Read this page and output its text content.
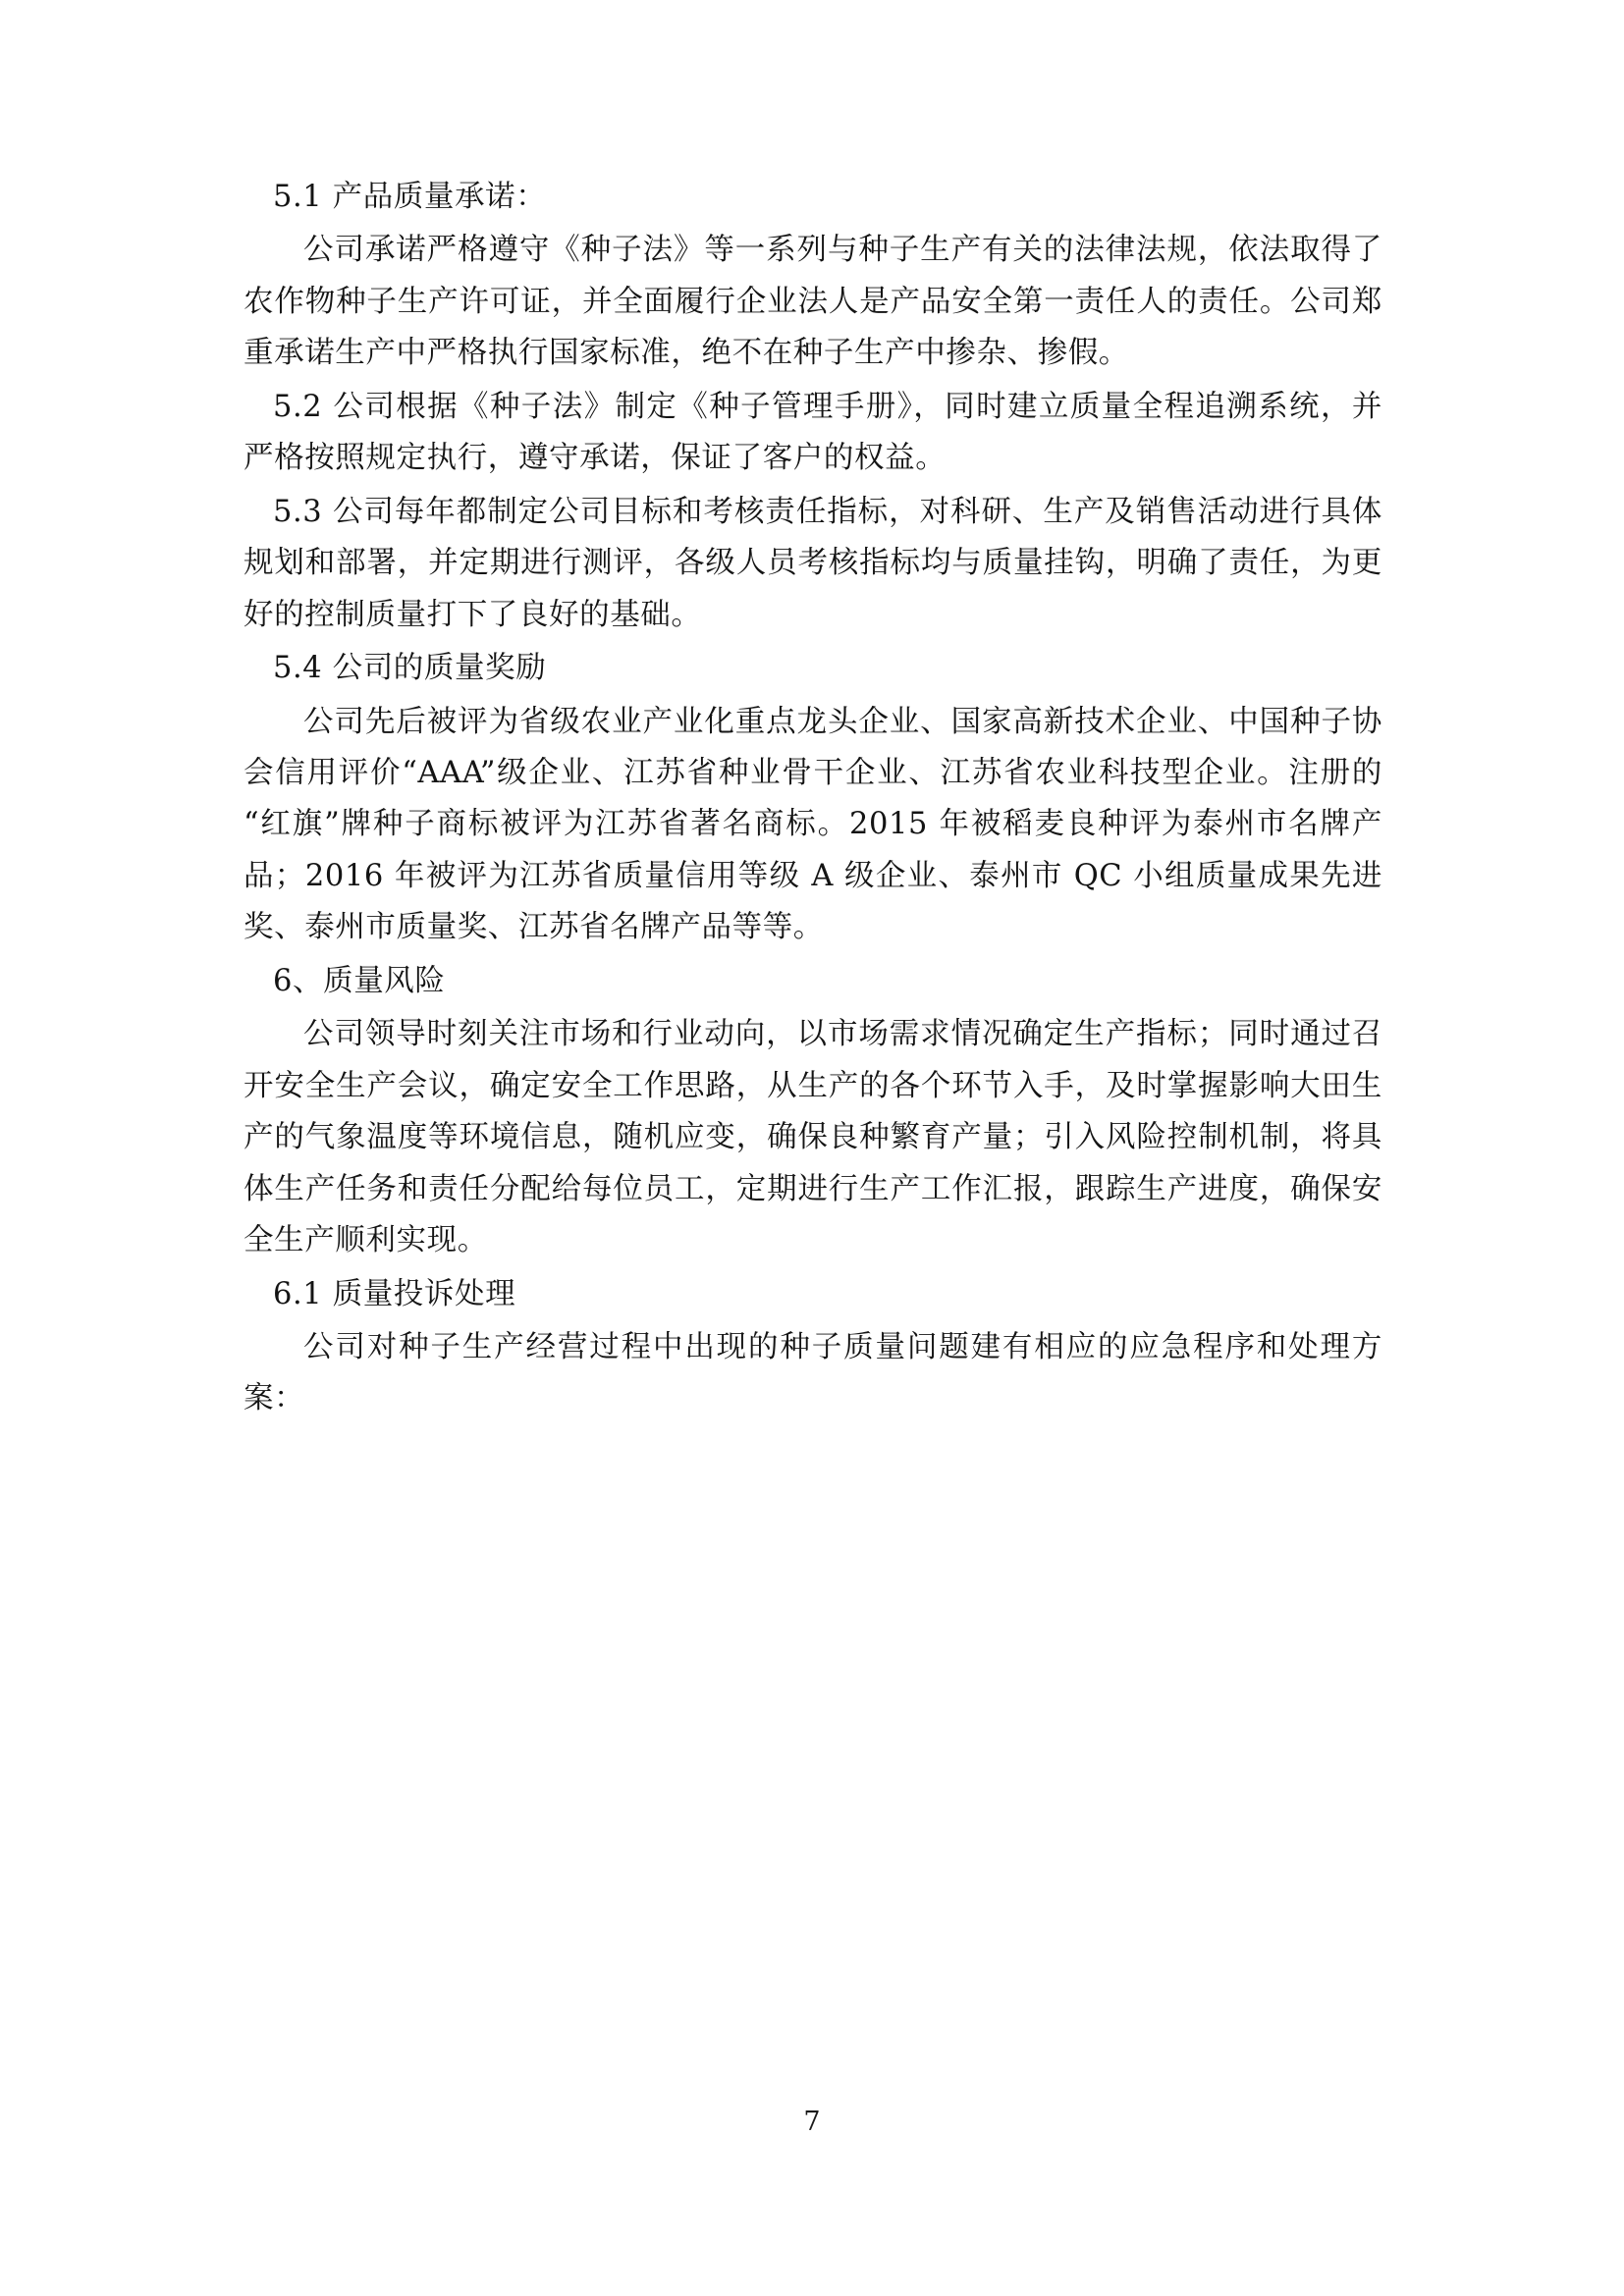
5.1 产品质量承诺：

公司承诺严格遵守《种子法》等一系列与种子生产有关的法律法规，依法取得了农作物种子生产许可证，并全面履行企业法人是产品安全第一责任人的责任。公司郑重承诺生产中严格执行国家标准，绝不在种子生产中掺杂、掺假。

5.2 公司根据《种子法》制定《种子管理手册》，同时建立质量全程追溯系统，并严格按照规定执行，遵守承诺，保证了客户的权益。

5.3 公司每年都制定公司目标和考核责任指标，对科研、生产及销售活动进行具体规划和部署，并定期进行测评，各级人员考核指标均与质量挂钩，明确了责任，为更好的控制质量打下了良好的基础。

5.4 公司的质量奖励

公司先后被评为省级农业产业化重点龙头企业、国家高新技术企业、中国种子协会信用评价“AAA”级企业、江苏省种业骨干企业、江苏省农业科技型企业。注册的“红旗”牌种子商标被评为江苏省著名商标。2015 年被稻麦良种评为泰州市名牌产品；2016 年被评为江苏省质量信用等级 A 级企业、泰州市 QC 小组质量成果先进奖、泰州市质量奖、江苏省名牌产品等等。

6、质量风险

公司领导时刻关注市场和行业动向，以市场需求情况确定生产指标；同时通过召开安全生产会议，确定安全工作思路，从生产的各个环节入手，及时掌握影响大田生产的气象温度等环境信息，随机应变，确保良种繁育产量；引入风险控制机制，将具体生产任务和责任分配给每位员工，定期进行生产工作汇报，跟踪生产进度，确保安全生产顺利实现。

6.1 质量投诉处理

公司对种子生产经营过程中出现的种子质量问题建有相应的应急程序和处理方案：

7
